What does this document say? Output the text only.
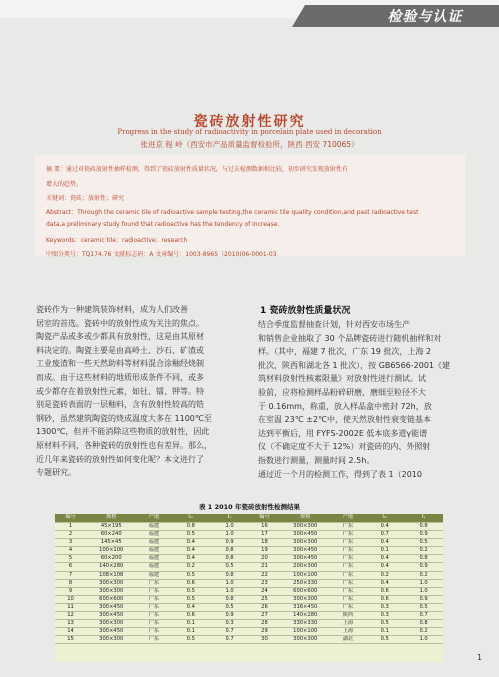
检验与认证
瓷砖放射性研究
Progress in the study of radioactivity in porcelain plate used in decoration
张进京 程 岭（西安市产品质量监督检验所，陕西 西安 710065）
摘 要：通过对瓷砖放射性抽样检测，得到了瓷砖放射性质量状况，与过去检测数据相比较，初步研究发现放射性有
增大的趋势。
关键词：瓷砖；放射性；研究
Abstract：Through the ceramic tile of radioactive sample testing,the ceramic tile quality condition,and past radioactive test
data,a preliminary study found that radioactive has the tendency of increase.
Keywords：ceramic tile；radioactive；research
中图分类号：TQ174.76 文献标志码：A 文章编号：1003-8965（2010)06-0001-03

瓷砖作为一种建筑装饰材料，成为人们改善

居室的首选。瓷砖中的放射性成为关注的焦点。

陶瓷产品或多或少都具有放射性，这是由其原材

料决定的。陶瓷主要是由高岭土、沙石、矿渣或

工业废渣和一些天然助料等材料混合涂釉经烧制

而成。由于这些材料的地质形成条件不同，或多

或少都存在着放射性元素，如钍、镭、钾等。特

别是瓷砖表面的一层釉料，含有放射性较高的锆

钢砂，虽然建筑陶瓷的烧成温度大多在 1100℃至

1300℃，但并不能消除这些物质的放射性，因此

原材料不同，各种瓷砖的放射性也有差异。那么，

近几年来瓷砖的放射性如何变化呢？本文进行了

专题研究。

1 瓷砖放射性质量状况

结合季度监督抽查计划，针对西安市场生产

和销售企业抽取了 30 个品牌瓷砖进行随机抽样和对

样。（其中，福建 7 批次，广东 19 批次，上海 2

批次，陕西和湖北各 1 批次），按 GB6566-2001《建

筑材料放射性核素限量》对放射性进行测试。试

验前，应将检测样品粉碎研磨，磨细至粒径不大

于 0.16mm，称重，放入样品盒中密封 72h，放

在室温 23℃ ±2℃中，使天然放射性衰变链基本

达到平衡后，用 FYFS-2002E 低本底多道γ能谱

仪（不确定度不大于 12%）对瓷砖的内、外照射

指数进行测量，测量时间 2.5h。

通过近一个月的检测工作，得到了表 1（2010

表 1 2010 年瓷砖放射性检测结果
编号	规格	产地	Iₘ	Iᵧ	编号	规格	产地	Iₘ	Iᵧ
1	45×195	福建	0.8	1.0	16	300×300	广东	0.4	0.8
2	60×240	福建	0.5	1.0	17	300×450	广东	0.7	0.9
3	145×45	福建	0.4	0.9	18	300×300	广东	0.4	0.5
4	100×100	福建	0.4	0.8	19	300×450	广东	0.1	0.2
5	60×200	福建	0.4	0.8	20	300×450	广东	0.4	0.8
6	140×280	福建	0.2	0.5	21	200×300	广东	0.4	0.9
7	108×108	福建	0.5	0.8	22	100×100	广东	0.2	0.2
8	300×300	广东	0.6	1.0	23	250×330	广东	0.4	1.0
9	300×300	广东	0.5	1.0	24	600×600	广东	0.6	1.0
10	600×600	广东	0.5	0.8	25	300×300	广东	0.6	0.9
11	300×450	广东	0.4	0.5	26	316×450	广东	0.3	0.5
12	300×450	广东	0.6	0.9	27	140×280	陕西	0.3	0.7
13	300×300	广东	0.1	0.3	28	330×330	上海	0.5	0.8
14	300×450	广东	0.1	0.7	29	100×100	上海	0.1	0.2
15	300×300	广东	0.5	0.7	30	300×300	湖北	0.5	1.0
1
